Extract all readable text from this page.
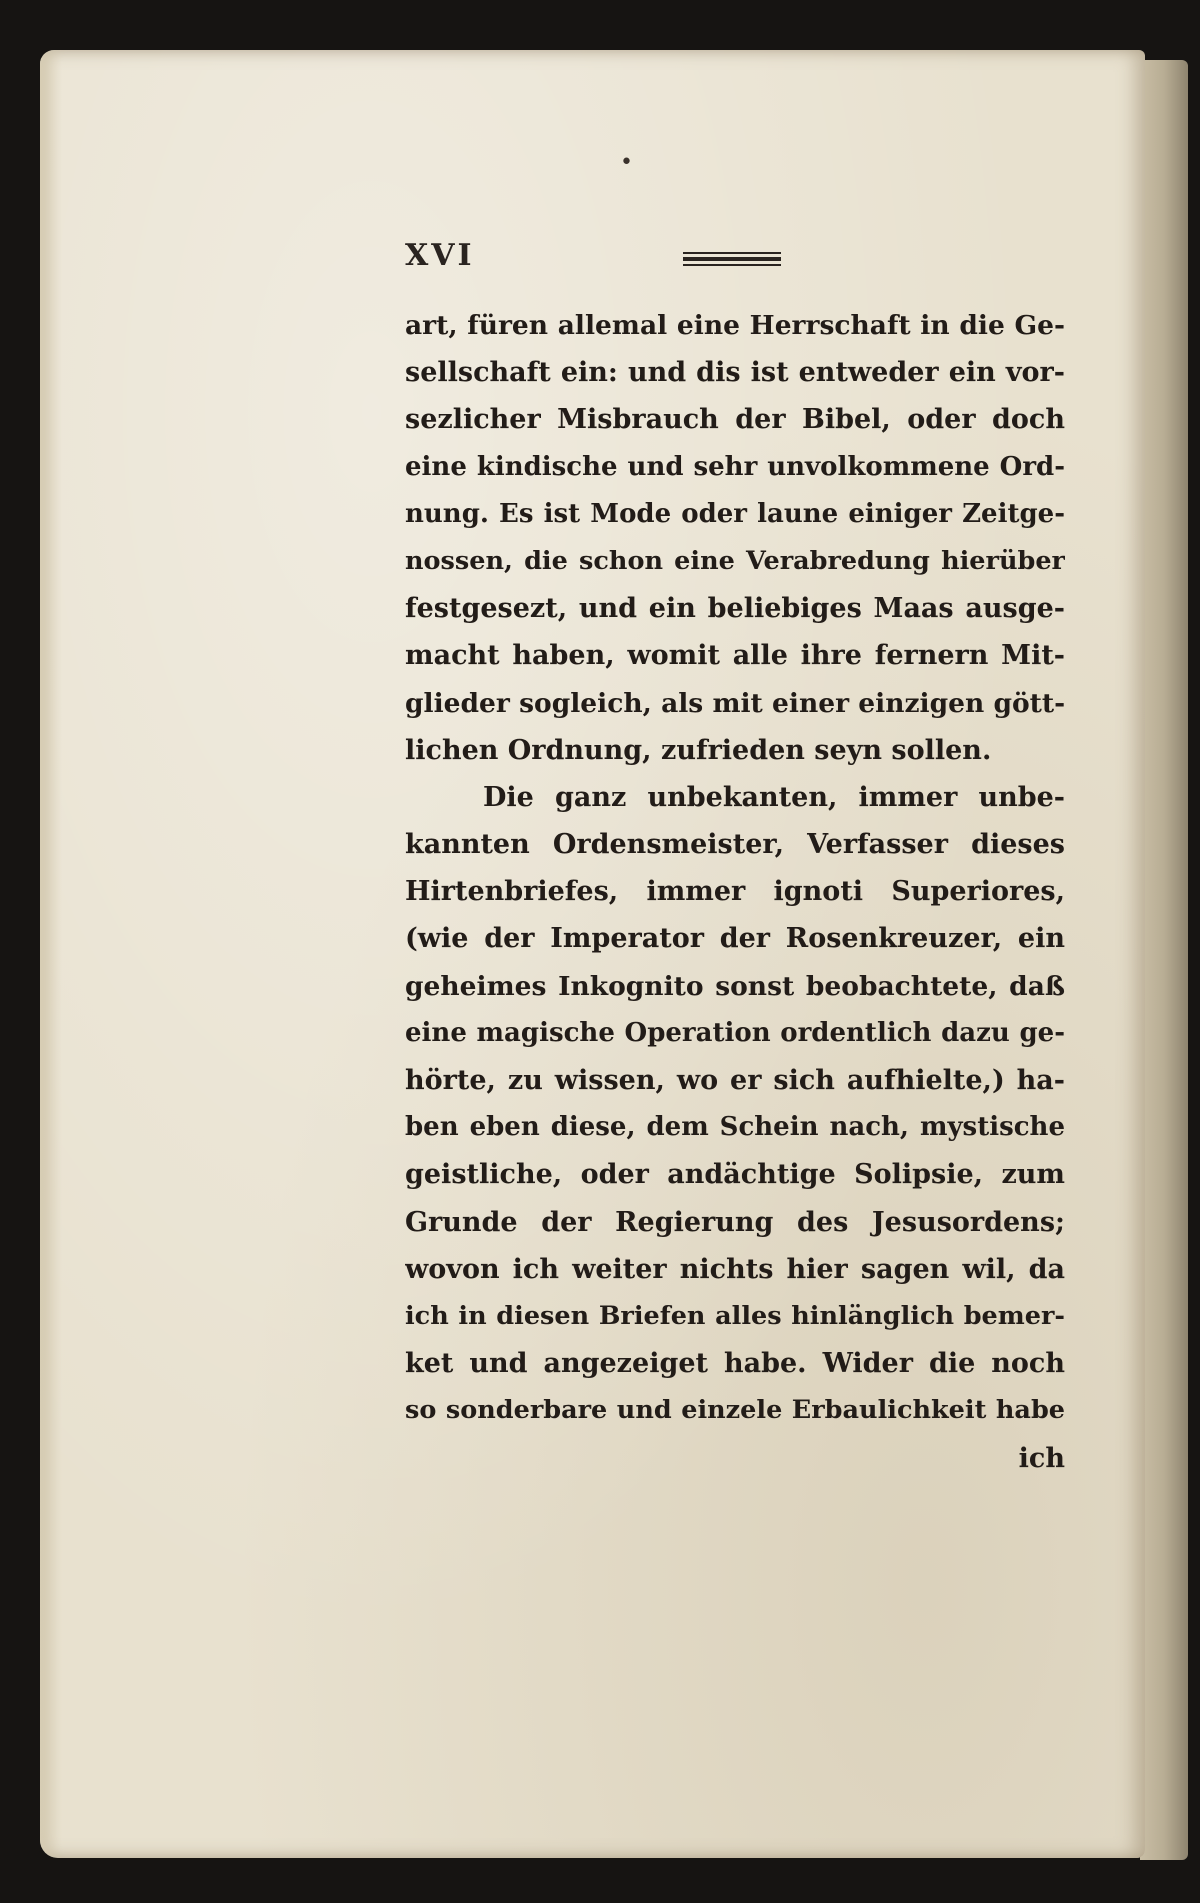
•
XVI
art, füren allemal eine Herrschaft in die Ge-
sellschaft ein: und dis ist entweder ein vor-
sezlicher Misbrauch der Bibel, oder doch
eine kindische und sehr unvolkommene Ord-
nung. Es ist Mode oder laune einiger Zeitge-
nossen, die schon eine Verabredung hierüber
festgesezt, und ein beliebiges Maas ausge-
macht haben, womit alle ihre fernern Mit-
glieder sogleich, als mit einer einzigen gött-
lichen Ordnung, zufrieden seyn sollen.
Die ganz unbekanten, immer unbe-
kannten Ordensmeister, Verfasser dieses
Hirtenbriefes, immer ignoti Superiores,
(wie der Imperator der Rosenkreuzer, ein
geheimes Inkognito sonst beobachtete, daß
eine magische Operation ordentlich dazu ge-
hörte, zu wissen, wo er sich aufhielte,) ha-
ben eben diese, dem Schein nach, mystische
geistliche, oder andächtige Solipsie, zum
Grunde der Regierung des Jesusordens;
wovon ich weiter nichts hier sagen wil, da
ich in diesen Briefen alles hinlänglich bemer-
ket und angezeiget habe. Wider die noch
so sonderbare und einzele Erbaulichkeit habe
ich
